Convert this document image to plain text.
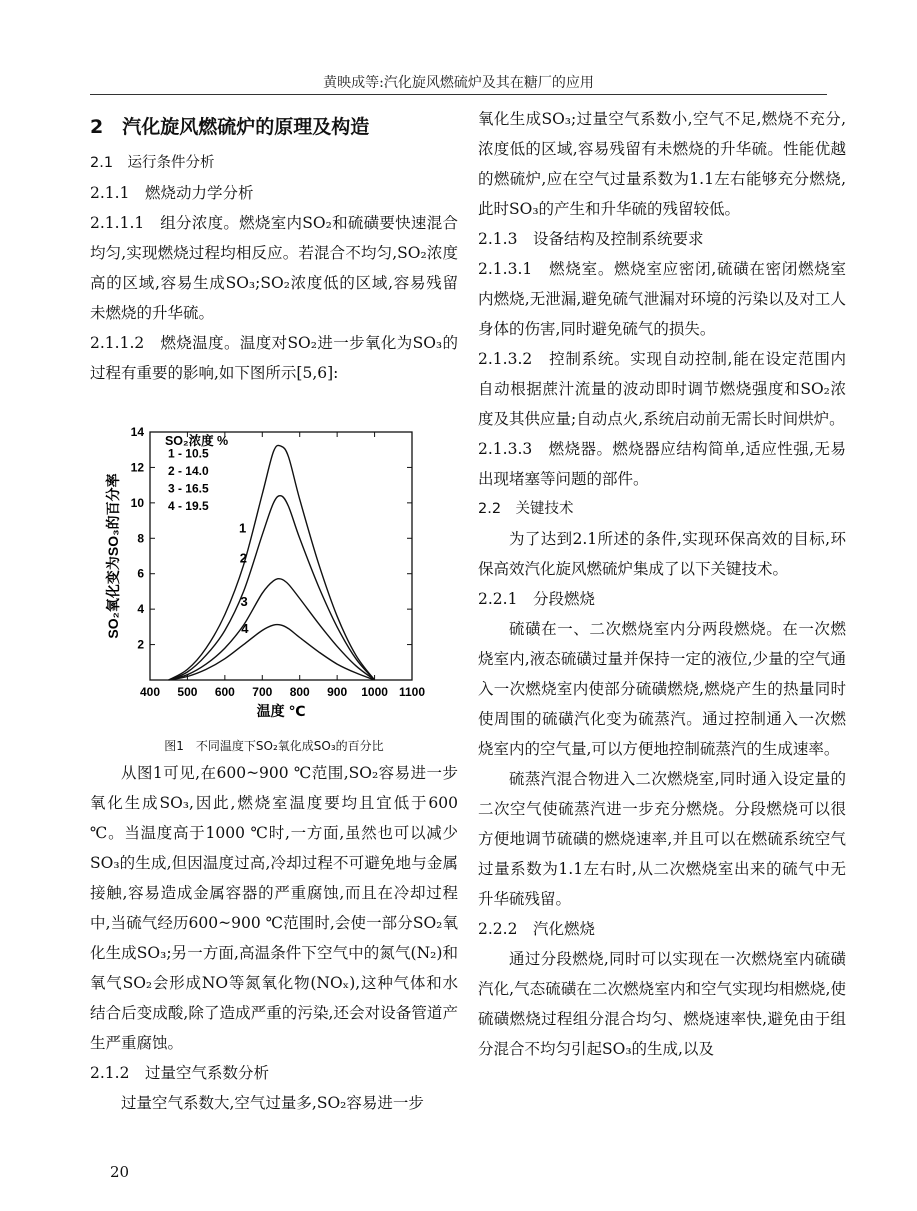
黄映成等:汽化旋风燃硫炉及其在糖厂的应用
2　汽化旋风燃硫炉的原理及构造

2.1　运行条件分析

2.1.1　燃烧动力学分析

2.1.1.1　组分浓度。燃烧室内SO₂和硫磺要快速混合均匀,实现燃烧过程均相反应。若混合不均匀,SO₂浓度高的区域,容易生成SO₃;SO₂浓度低的区域,容易残留未燃烧的升华硫。

2.1.1.2　燃烧温度。温度对SO₂进一步氧化为SO₃的过程有重要的影响,如下图所示[5,6]:

400 500 600 700 800 900 1000 1100
2
4
6
8
10
12
14
温度 ℃
SO₂氧化变为SO₃的百分率	1
2
3
4
SO₂浓度 %
1 - 10.5
2 - 14.0
3 - 16.5
4 - 19.5
图1　不同温度下SO₂氧化成SO₃的百分比

从图1可见,在600~900 ℃范围,SO₂容易进一步氧化生成SO₃,因此,燃烧室温度要均且宜低于600 ℃。当温度高于1000 ℃时,一方面,虽然也可以减少SO₃的生成,但因温度过高,冷却过程不可避免地与金属接触,容易造成金属容器的严重腐蚀,而且在冷却过程中,当硫气经历600~900 ℃范围时,会使一部分SO₂氧化生成SO₃;另一方面,高温条件下空气中的氮气(N₂)和氧气SO₂会形成NO等氮氧化物(NOₓ),这种气体和水结合后变成酸,除了造成严重的污染,还会对设备管道产生严重腐蚀。

2.1.2　过量空气系数分析

过量空气系数大,空气过量多,SO₂容易进一步

氧化生成SO₃;过量空气系数小,空气不足,燃烧不充分,浓度低的区域,容易残留有未燃烧的升华硫。性能优越的燃硫炉,应在空气过量系数为1.1左右能够充分燃烧,此时SO₃的产生和升华硫的残留较低。

2.1.3　设备结构及控制系统要求

2.1.3.1　燃烧室。燃烧室应密闭,硫磺在密闭燃烧室内燃烧,无泄漏,避免硫气泄漏对环境的污染以及对工人身体的伤害,同时避免硫气的损失。

2.1.3.2　控制系统。实现自动控制,能在设定范围内自动根据蔗汁流量的波动即时调节燃烧强度和SO₂浓度及其供应量;自动点火,系统启动前无需长时间烘炉。

2.1.3.3　燃烧器。燃烧器应结构简单,适应性强,无易出现堵塞等问题的部件。

2.2　关键技术

为了达到2.1所述的条件,实现环保高效的目标,环保高效汽化旋风燃硫炉集成了以下关键技术。

2.2.1　分段燃烧

硫磺在一、二次燃烧室内分两段燃烧。在一次燃烧室内,液态硫磺过量并保持一定的液位,少量的空气通入一次燃烧室内使部分硫磺燃烧,燃烧产生的热量同时使周围的硫磺汽化变为硫蒸汽。通过控制通入一次燃烧室内的空气量,可以方便地控制硫蒸汽的生成速率。

硫蒸汽混合物进入二次燃烧室,同时通入设定量的二次空气使硫蒸汽进一步充分燃烧。分段燃烧可以很方便地调节硫磺的燃烧速率,并且可以在燃硫系统空气过量系数为1.1左右时,从二次燃烧室出来的硫气中无升华硫残留。

2.2.2　汽化燃烧

通过分段燃烧,同时可以实现在一次燃烧室内硫磺汽化,气态硫磺在二次燃烧室内和空气实现均相燃烧,使硫磺燃烧过程组分混合均匀、燃烧速率快,避免由于组分混合不均匀引起SO₃的生成,以及

20
